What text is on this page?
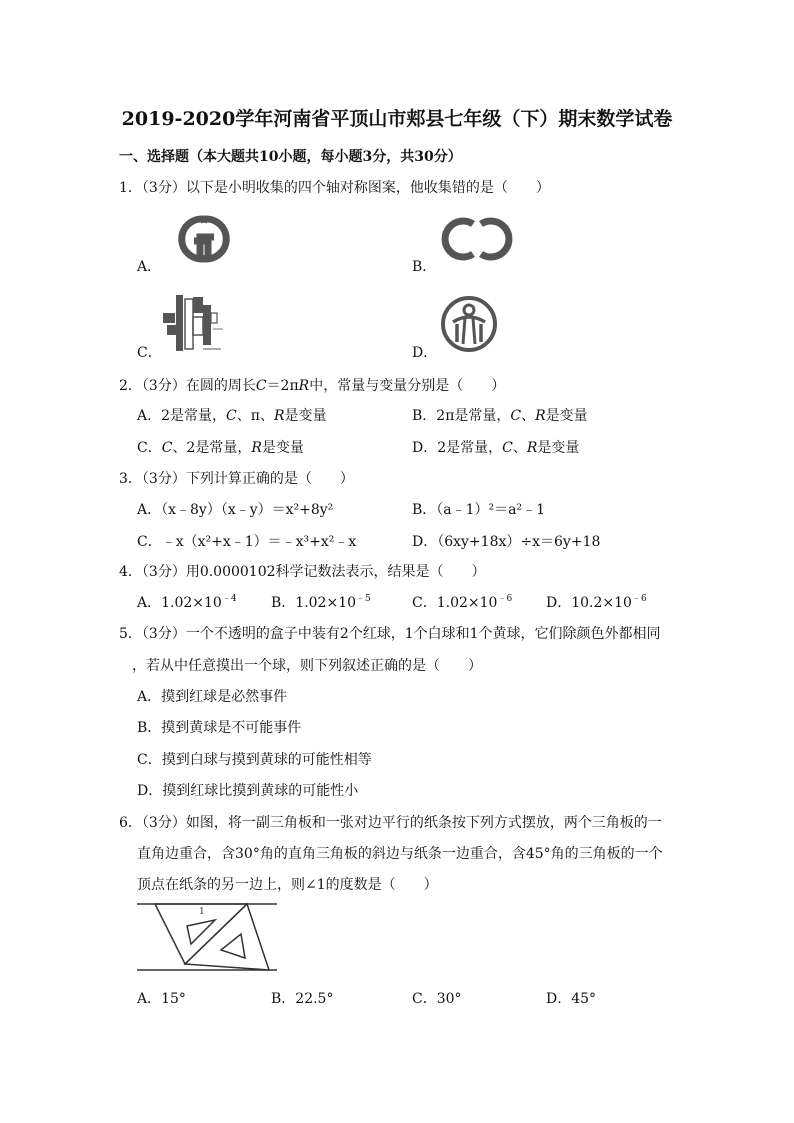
2019-2020学年河南省平顶山市郏县七年级（下）期末数学试卷
一、选择题（本大题共10小题，每小题3分，共30分）
1．（3分）以下是小明收集的四个轴对称图案，他收集错的是（　　）
A．	B．
C．	D．
2．（3分）在圆的周长C＝2πR中，常量与变量分别是（　　）
A．2是常量，C、π、R是变量	B．2π是常量，C、R是变量
C．C、2是常量，R是变量	D．2是常量，C、R是变量
3．（3分）下列计算正确的是（　　）
A．（x﹣8y）（x﹣y）＝x²+8y²	B．（a﹣1）²＝a²﹣1
C．﹣x（x²+x﹣1）＝﹣x³+x²﹣x	D．（6xy+18x）÷x＝6y+18
4．（3分）用0.0000102科学记数法表示，结果是（　　）
A．$1.02\times 10^{﹣4}$ B．$1.02\times 10^{﹣5}$	C．$1.02\times 10^{﹣6}$ D．$10.2\times 10^{﹣6}$
5．（3分）一个不透明的盒子中装有2个红球，1个白球和1个黄球，它们除颜色外都相同
，若从中任意摸出一个球，则下列叙述正确的是（　　）
A．摸到红球是必然事件
B．摸到黄球是不可能事件
C．摸到白球与摸到黄球的可能性相等
D．摸到红球比摸到黄球的可能性小
6．（3分）如图，将一副三角板和一张对边平行的纸条按下列方式摆放，两个三角板的一
直角边重合，含30°角的直角三角板的斜边与纸条一边重合，含45°角的三角板的一个
顶点在纸条的另一边上，则∠1的度数是（　　）
1
A．15°	B．22.5°	C．30°	D．45°
